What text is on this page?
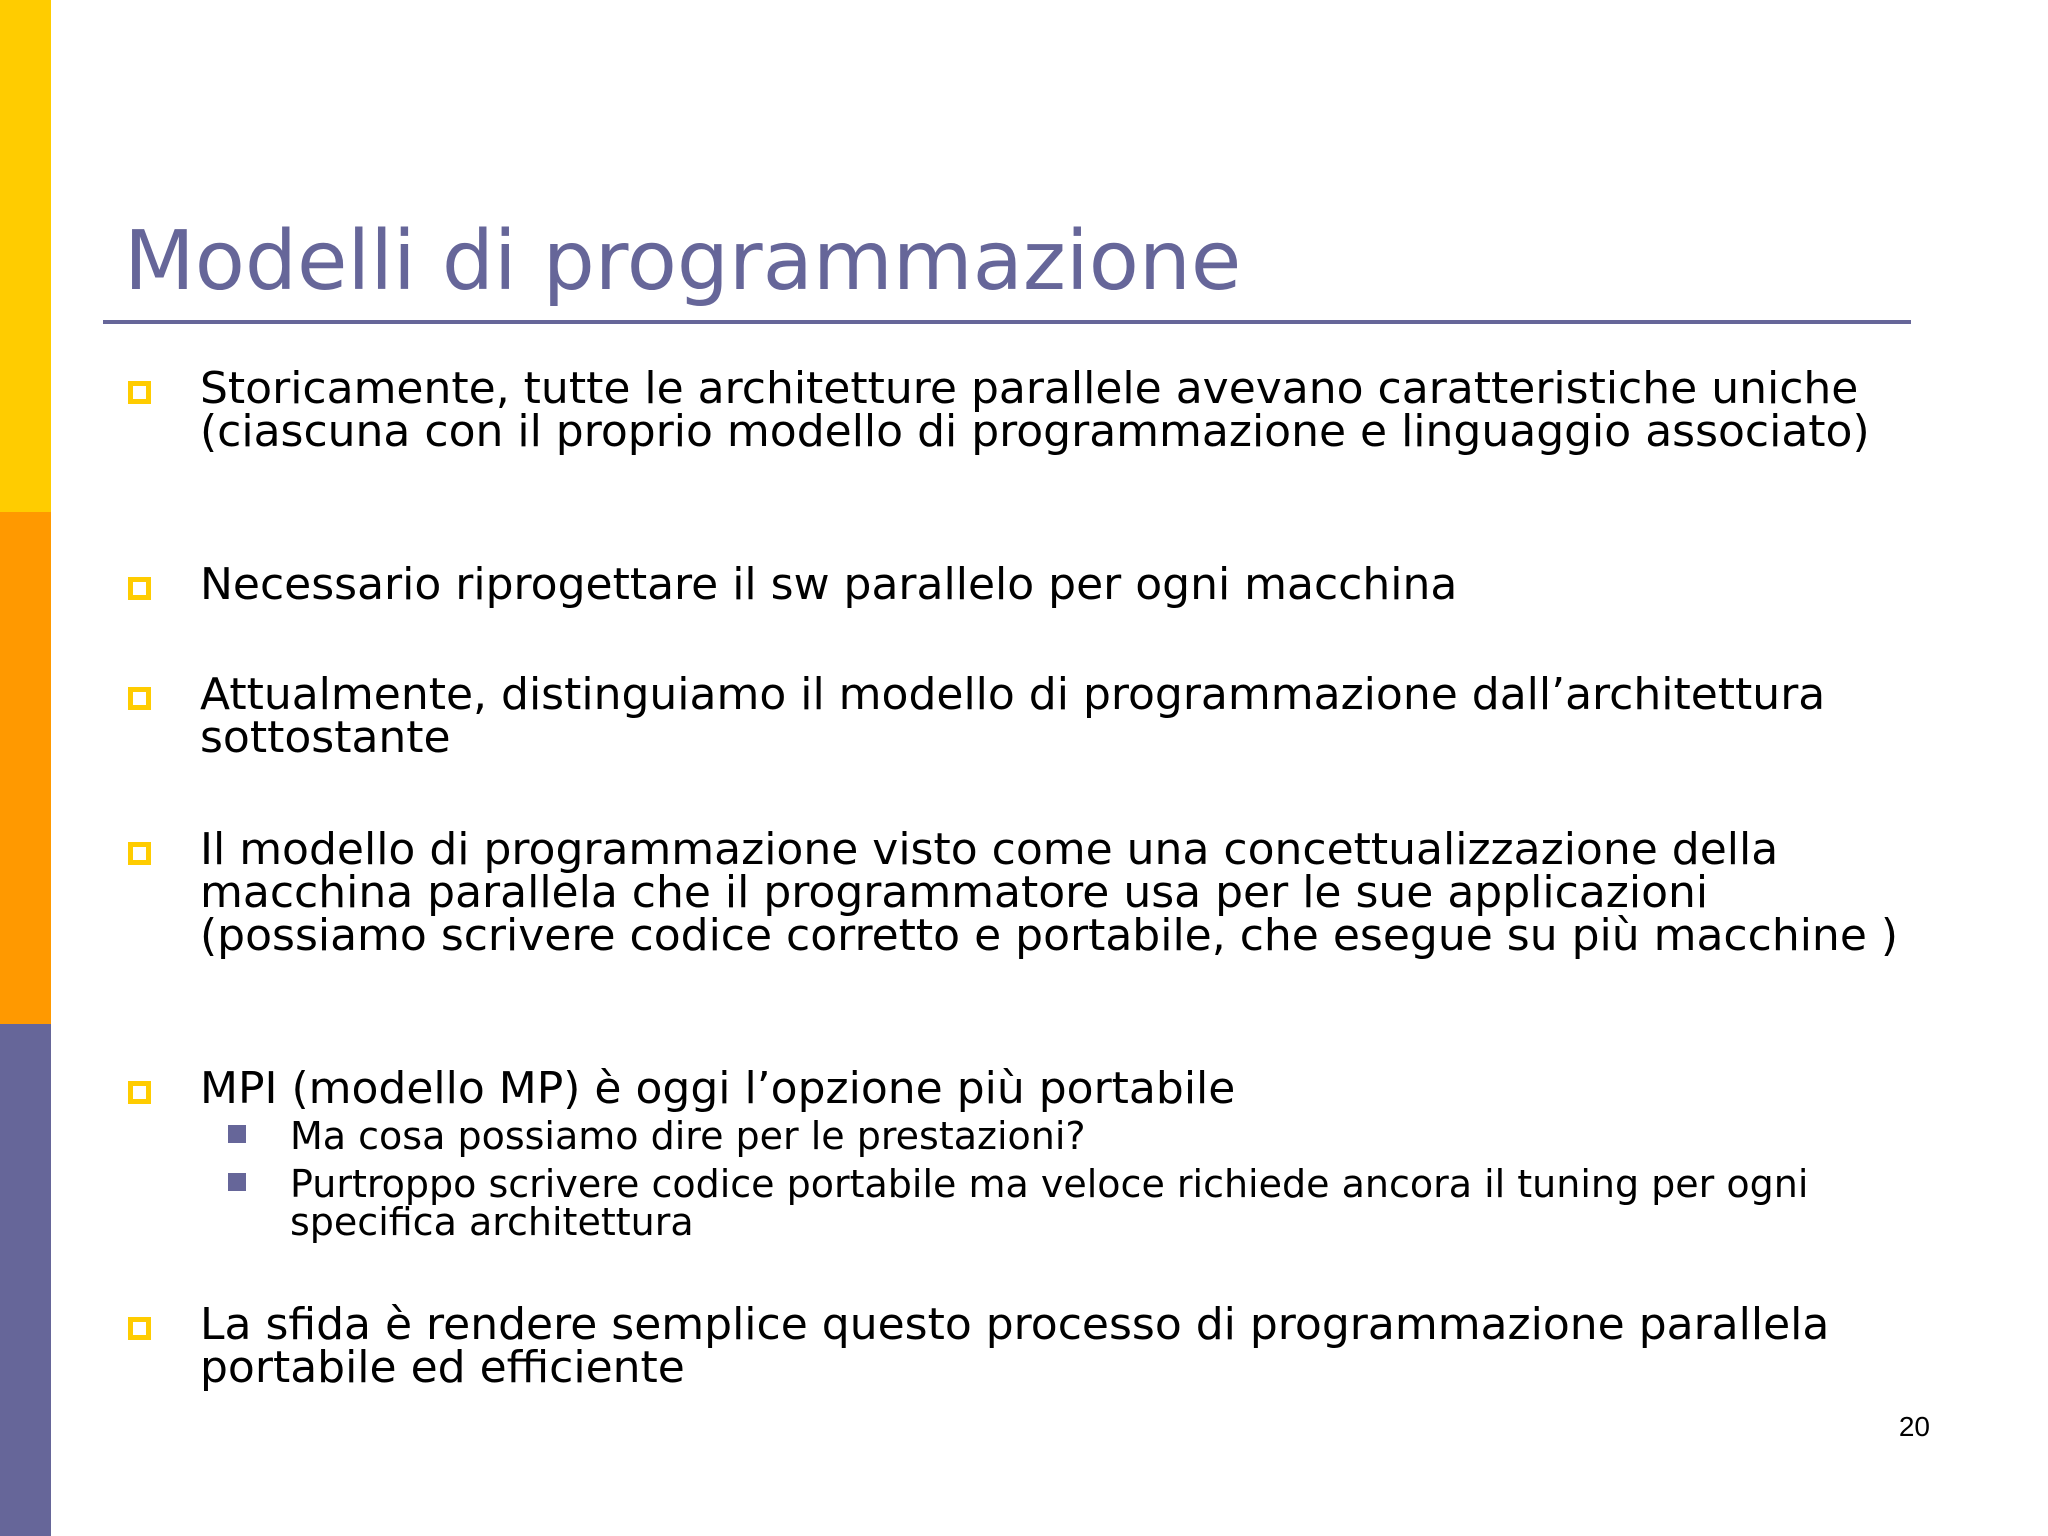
Modelli di programmazione
Storicamente, tutte le architetture parallele avevano caratteristiche uniche (ciascuna con il proprio modello di programmazione e linguaggio associato)
Necessario riprogettare il sw parallelo per ogni macchina
Attualmente, distinguiamo il modello di programmazione dall’architettura sottostante
Il modello di programmazione visto come una concettualizzazione della macchina parallela che il programmatore usa per le sue applicazioni (possiamo scrivere codice corretto e portabile, che esegue su più macchine )
MPI (modello MP) è oggi l’opzione più portabile
Ma cosa possiamo dire per le prestazioni?
Purtroppo scrivere codice portabile ma veloce richiede ancora il tuning per ogni specifica architettura
La sfida è rendere semplice questo processo di programmazione parallela portabile ed efficiente
20
